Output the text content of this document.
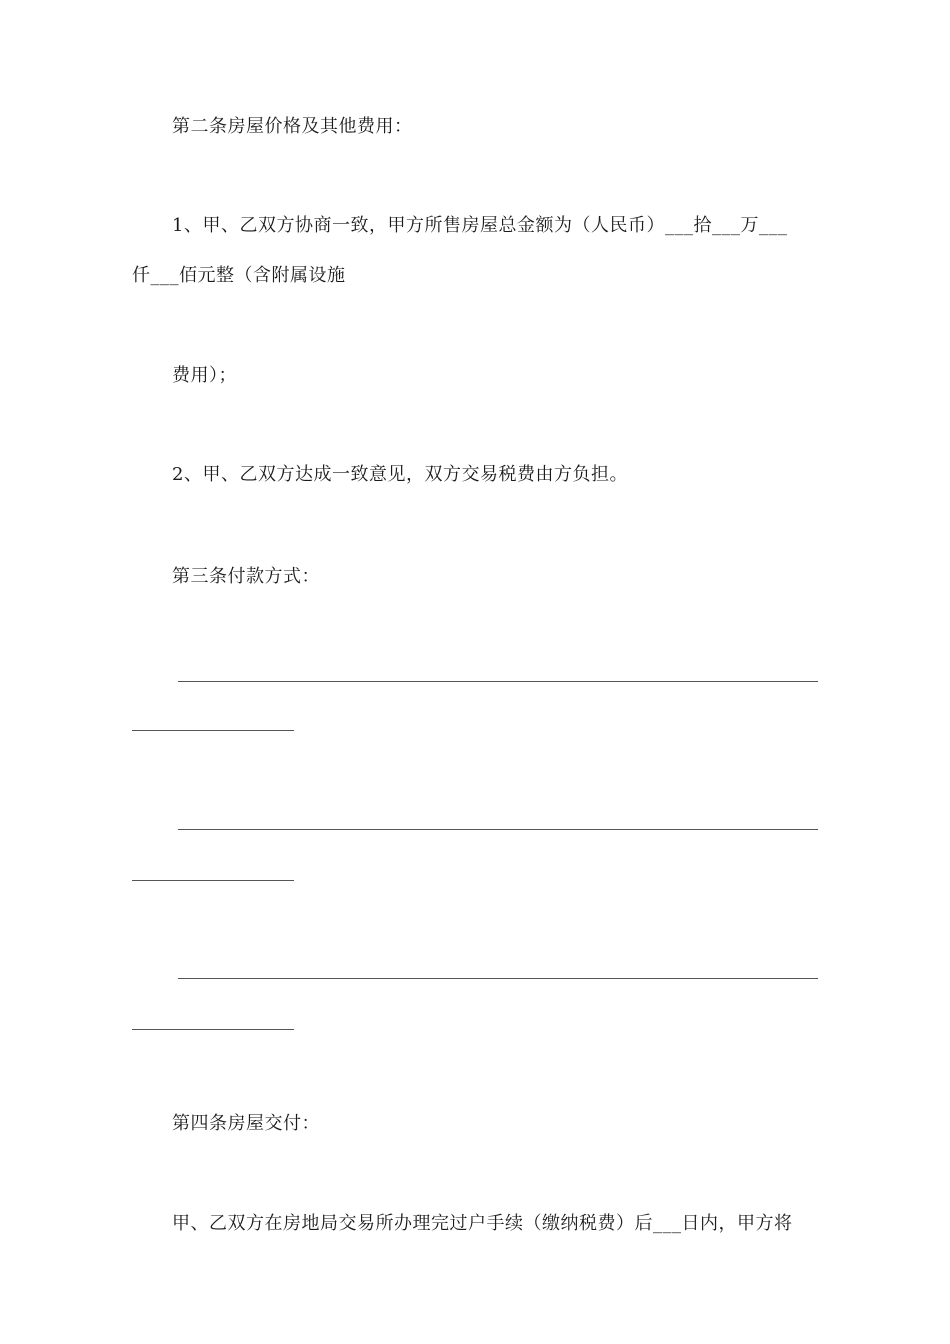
第二条房屋价格及其他费用：
1、甲、乙双方协商一致，甲方所售房屋总金额为（人民币）___拾___万___
仟___佰元整（含附属设施
费用）；
2、甲、乙双方达成一致意见，双方交易税费由方负担。
第三条付款方式：
第四条房屋交付：
甲、乙双方在房地局交易所办理完过户手续（缴纳税费）后___日内，甲方将
